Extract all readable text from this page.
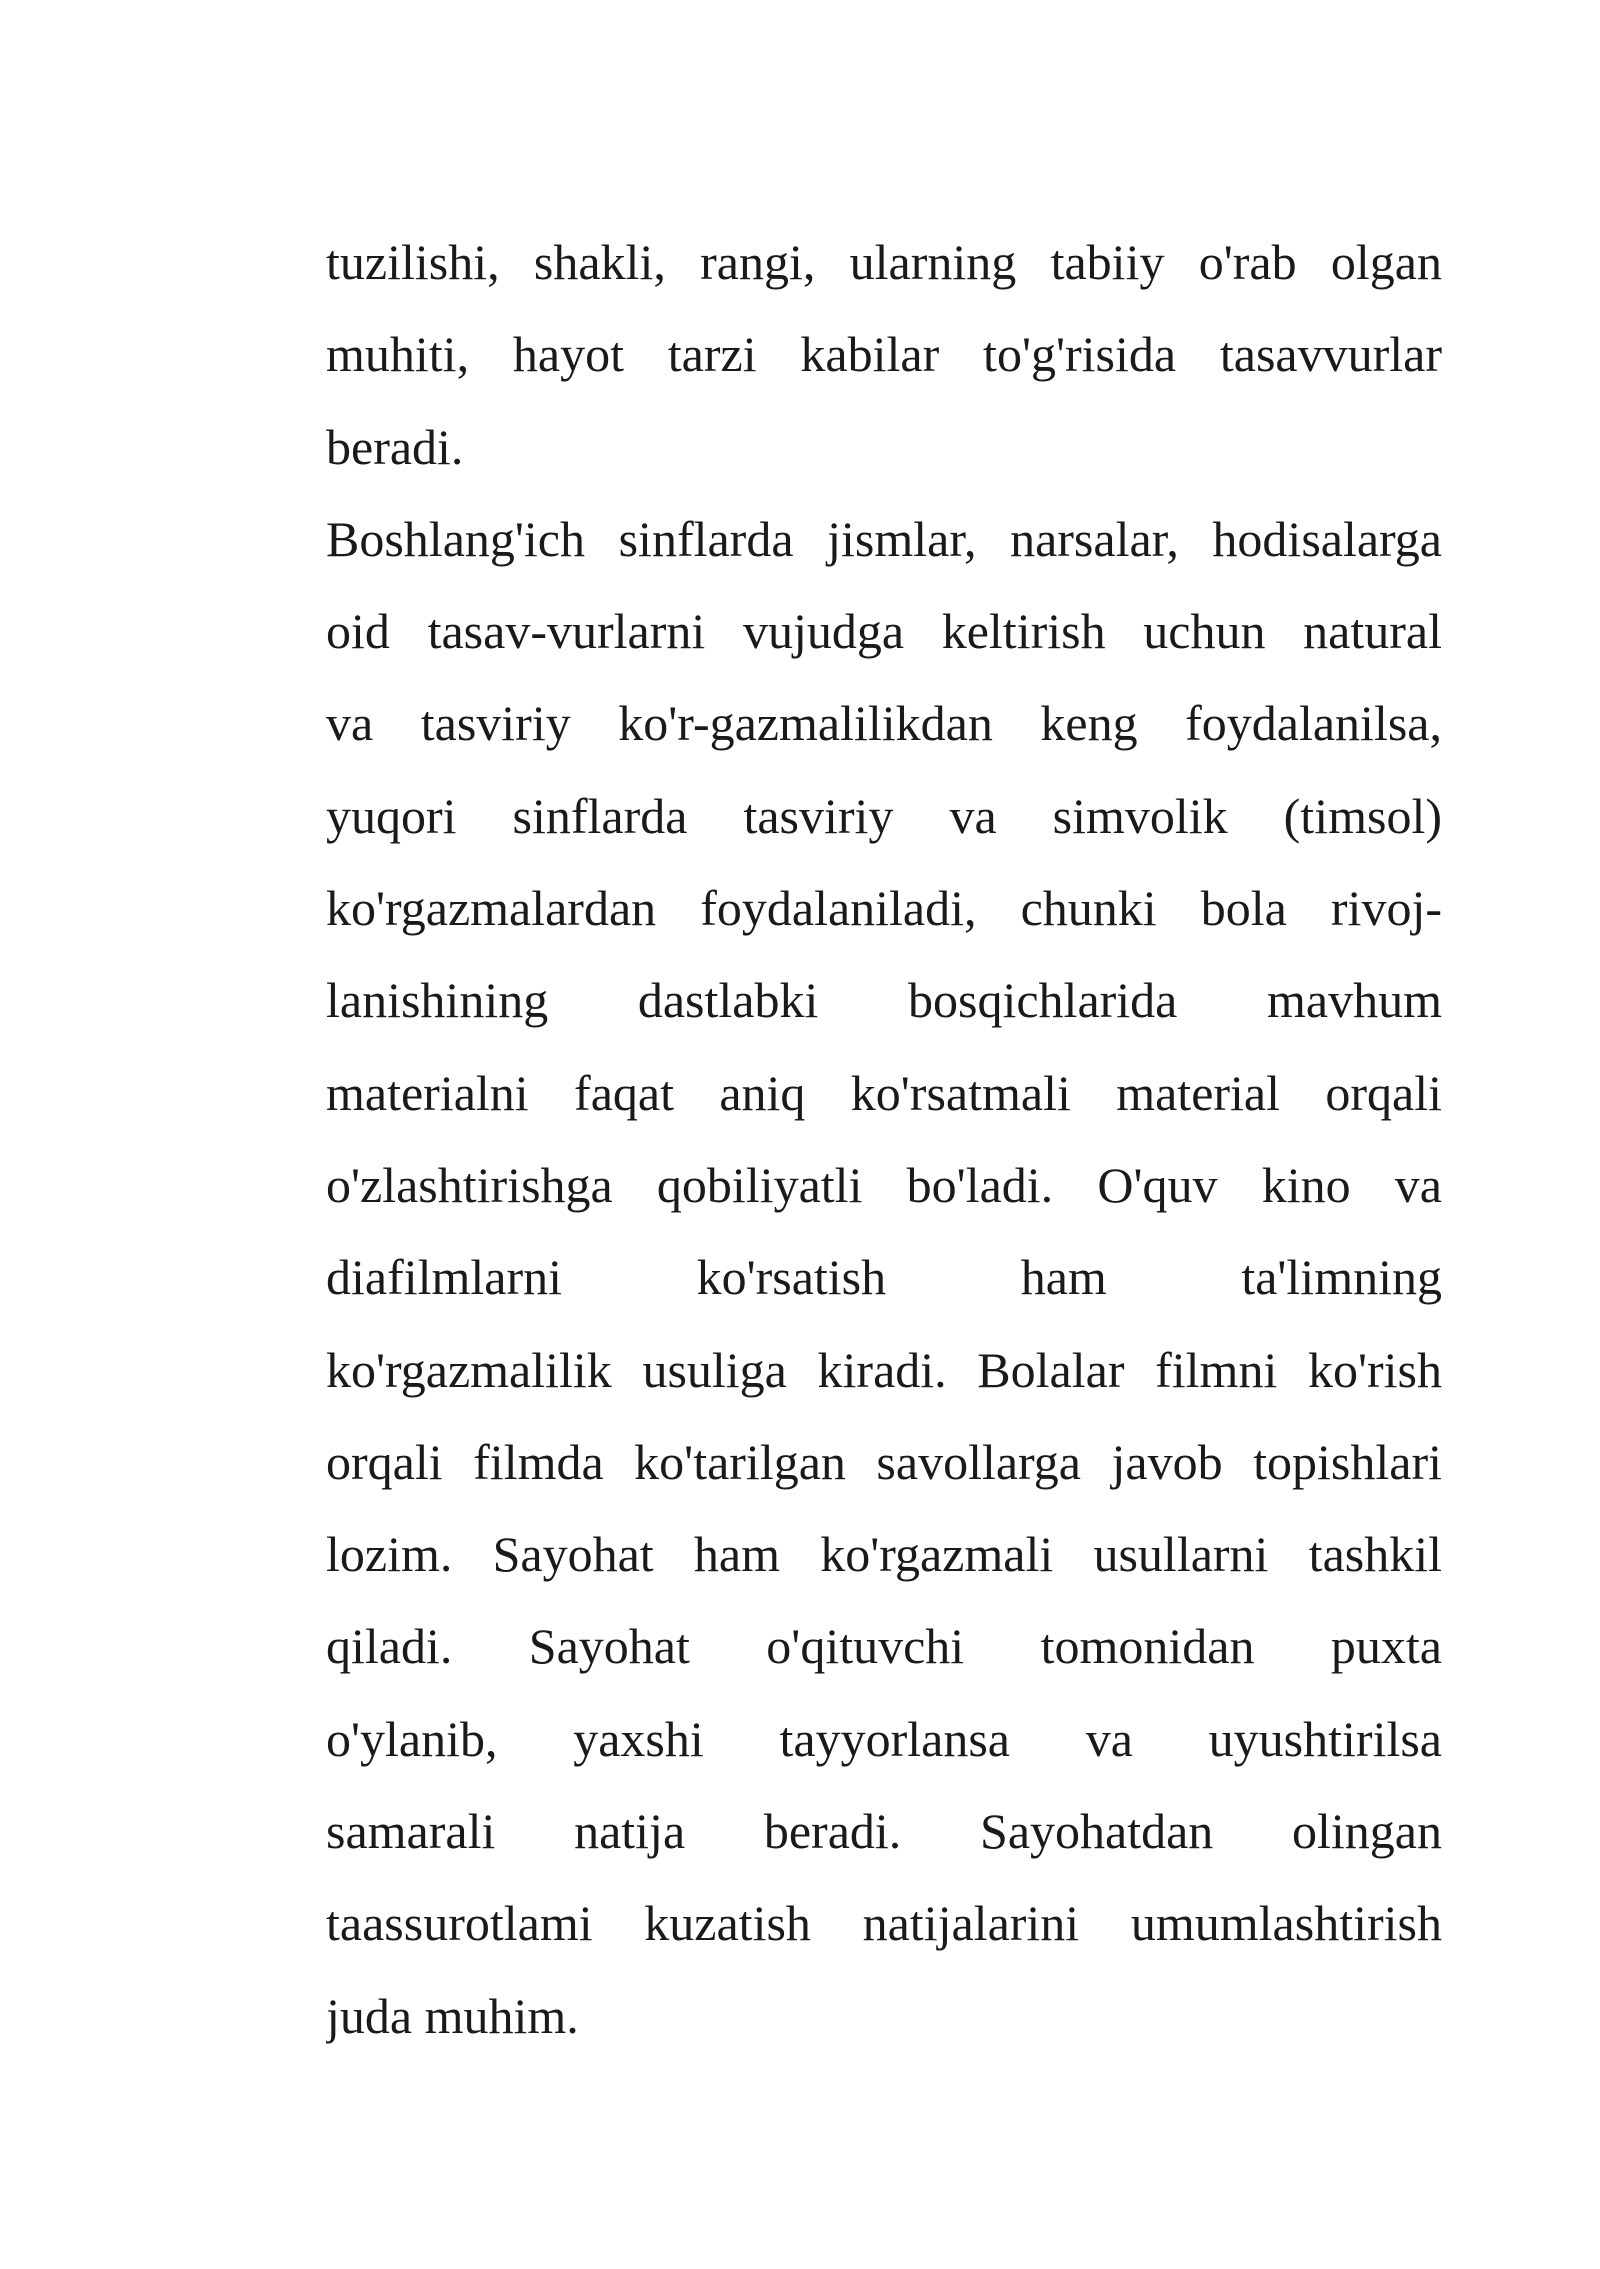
tuzilishi, shakli, rangi, ularning tabiiy o'rab olgan
muhiti, hayot tarzi kabilar to'g'risida tasavvurlar
beradi.
Boshlang'ich sinflarda jismlar, narsalar, hodisalarga
oid tasav-vurlarni vujudga keltirish uchun natural
va tasviriy ko'r-gazmalilikdan keng foydalanilsa,
yuqori sinflarda tasviriy va simvolik (timsol)
ko'rgazmalardan foydalaniladi, chunki bola rivoj-
lanishining dastlabki bosqichlarida mavhum
materialni faqat aniq ko'rsatmali material orqali
o'zlashtirishga qobiliyatli bo'ladi. O'quv kino va
diafilmlarni ko'rsatish ham ta'limning
ko'rgazmalilik usuliga kiradi. Bolalar filmni ko'rish
orqali filmda ko'tarilgan savollarga javob topishlari
lozim. Sayohat ham ko'rgazmali usullarni tashkil
qiladi. Sayohat o'qituvchi tomonidan puxta
o'ylanib, yaxshi tayyorlansa va uyushtirilsa
samarali natija beradi. Sayohatdan olingan
taassurotlami kuzatish natijalarini umumlashtirish
juda muhim.
